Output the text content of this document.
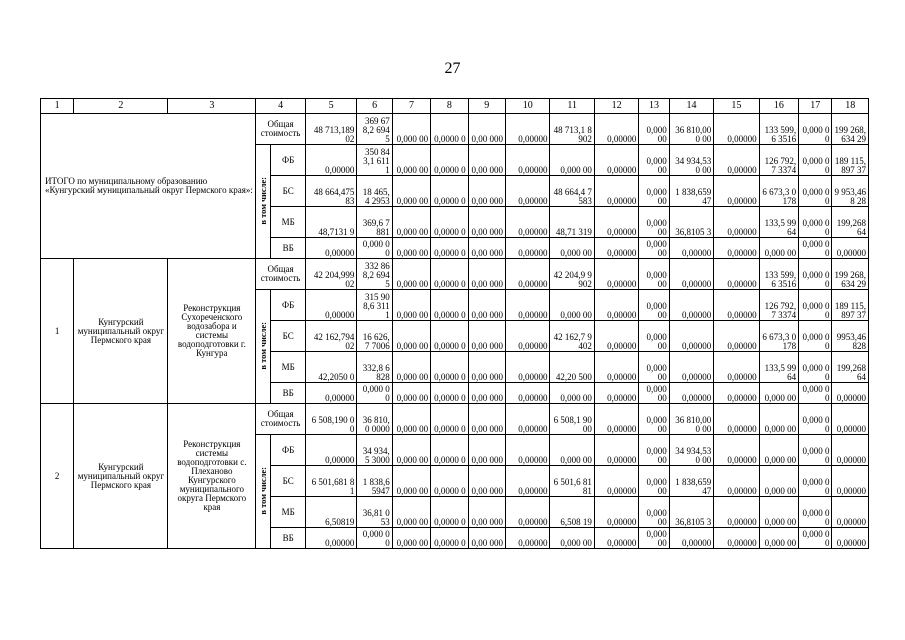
27
1	2	3	4		5	6	7	8	9	10	11	12	13	14	15	16	17	18
ИТОГО по муниципальному образованию «Кунгурский муниципальный округ Пермского края»:			Общая стоимость		48 713,189 02	369 678,2 6945	0,000 00	0,0000 0	0,00 000	0,00000	48 713,1 8902	0,00000	0,000 00	36 810,000 00	0,00000	133 599,6 3516	0,000 00	199 268,634 29
			в том числе:	ФБ	0,00000	350 843,1 6111	0,000 00	0,0000 0	0,00 000	0,00000	0,000 00	0,00000	0,000 00	34 934,530 00	0,00000	126 792,7 3374	0,000 00	189 115,897 37
				БС	48 664,475 83	18 465,4 2953	0,000 00	0,0000 0	0,00 000	0,00000	48 664,4 7583	0,00000	0,000 00	1 838,659 47	0,00000	6 673,3 0178	0,000 00	9 953,468 28
				МБ	48,7131 9	369,6 7881	0,000 00	0,0000 0	0,00 000	0,00000	48,71 319	0,00000	0,000 00	36,8105 3	0,00000	133,5 9964	0,000 00	199,268 64
				ВБ	0,00000	0,000 00	0,000 00	0,0000 0	0,00 000	0,00000	0,000 00	0,00000	0,000 00	0,00000	0,00000	0,000 00	0,000 00	0,00000
1	Кунгурский муниципальный округ Пермского края	Реконструкция Сухореченского водозабора и системы водоподготовки г. Кунгура	Общая стоимость		42 204,999 02	332 868,2 6945	0,000 00	0,0000 0	0,00 000	0,00000	42 204,9 9902	0,00000	0,000 00	0,00000	0,00000	133 599,6 3516	0,000 00	199 268,634 29
			в том числе:	ФБ	0,00000	315 908,6 3111	0,000 00	0,0000 0	0,00 000	0,00000	0,000 00	0,00000	0,000 00	0,00000	0,00000	126 792,7 3374	0,000 00	189 115,897 37
				БС	42 162,794 02	16 626,7 7006	0,000 00	0,0000 0	0,00 000	0,00000	42 162,7 9402	0,00000	0,000 00	0,00000	0,00000	6 673,3 0178	0,000 00	9953,46 828
				МБ	42,2050 0	332,8 6828	0,000 00	0,0000 0	0,00 000	0,00000	42,20 500	0,00000	0,000 00	0,00000	0,00000	133,5 9964	0,000 00	199,268 64
				ВБ	0,00000	0,000 00	0,000 00	0,0000 0	0,00 000	0,00000	0,000 00	0,00000	0,000 00	0,00000	0,00000	0,000 00	0,000 00	0,00000
2	Кунгурский муниципальный округ Пермского края	Реконструкция системы водоподготовки с. Плеханово Кунгурского муниципального округа Пермского края	Общая стоимость		6 508,190 00	36 810,0 0000	0,000 00	0,0000 0	0,00 000	0,00000	6 508,1 9000	0,00000	0,000 00	36 810,000 00	0,00000	0,000 00	0,000 00	0,00000
			в том числе:	ФБ	0,00000	34 934,5 3000	0,000 00	0,0000 0	0,00 000	0,00000	0,000 00	0,00000	0,000 00	34 934,530 00	0,00000	0,000 00	0,000 00	0,00000
				БС	6 501,681 81	1 838,6 5947	0,000 00	0,0000 0	0,00 000	0,00000	6 501,6 8181	0,00000	0,000 00	1 838,659 47	0,00000	0,000 00	0,000 00	0,00000
				МБ	6,50819	36,81 053	0,000 00	0,0000 0	0,00 000	0,00000	6,508 19	0,00000	0,000 00	36,8105 3	0,00000	0,000 00	0,000 00	0,00000
				ВБ	0,00000	0,000 00	0,000 00	0,0000 0	0,00 000	0,00000	0,000 00	0,00000	0,000 00	0,00000	0,00000	0,000 00	0,000 00	0,00000
